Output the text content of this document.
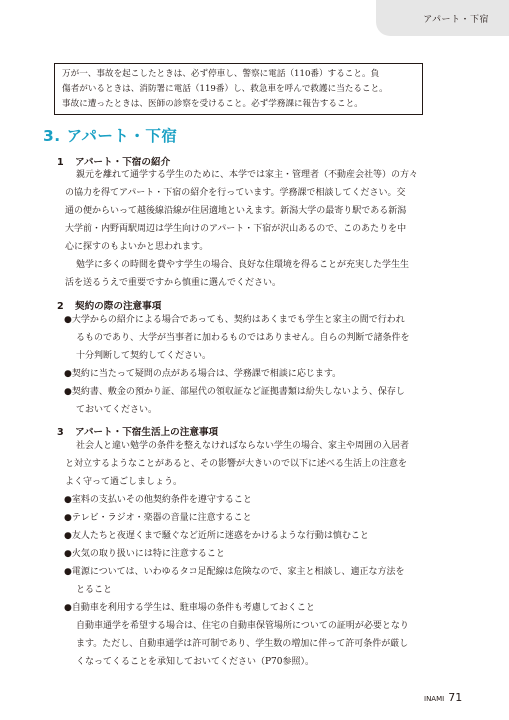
アパート・下宿

万が一、事故を起こしたときは、必ず停車し、警察に電話（110番）すること。負

傷者がいるときは、消防署に電話（119番）し、救急車を呼んで救護に当たること。

事故に遭ったときは、医師の診察を受けること。必ず学務課に報告すること。

3. アパート・下宿
1 アパート・下宿の紹介

親元を離れて通学する学生のために、本学では家主・管理者（不動産会社等）の方々

の協力を得てアパート・下宿の紹介を行っています。学務課で相談してください。交

通の便からいって越後線沿線が住居適地といえます。新潟大学の最寄り駅である新潟

大学前・内野両駅周辺は学生向けのアパート・下宿が沢山あるので、このあたりを中

心に探すのもよいかと思われます。

勉学に多くの時間を費やす学生の場合、良好な住環境を得ることが充実した学生生

活を送るうえで重要ですから慎重に選んでください。

2 契約の際の注意事項

●大学からの紹介による場合であっても、契約はあくまでも学生と家主の間で行われ

るものであり、大学が当事者に加わるものではありません。自らの判断で諸条件を

十分判断して契約してください。

●契約に当たって疑問の点がある場合は、学務課で相談に応じます。

●契約書、敷金の預かり証、部屋代の領収証など証拠書類は紛失しないよう、保存し

ておいてください。

3 アパート・下宿生活上の注意事項

社会人と違い勉学の条件を整えなければならない学生の場合、家主や周囲の入居者

と対立するようなことがあると、その影響が大きいので以下に述べる生活上の注意を

よく守って過ごしましょう。

●室料の支払いその他契約条件を遵守すること

●テレビ・ラジオ・楽器の音量に注意すること

●友人たちと夜遅くまで騒ぐなど近所に迷惑をかけるような行動は慎むこと

●火気の取り扱いには特に注意すること

●電源については、いわゆるタコ足配線は危険なので、家主と相談し、適正な方法を

とること

●自動車を利用する学生は、駐車場の条件も考慮しておくこと

自動車通学を希望する場合は、住宅の自動車保管場所についての証明が必要となり

ます。ただし、自動車通学は許可制であり、学生数の増加に伴って許可条件が厳し

くなってくることを承知しておいてください（P70参照）。

INAMI 71
